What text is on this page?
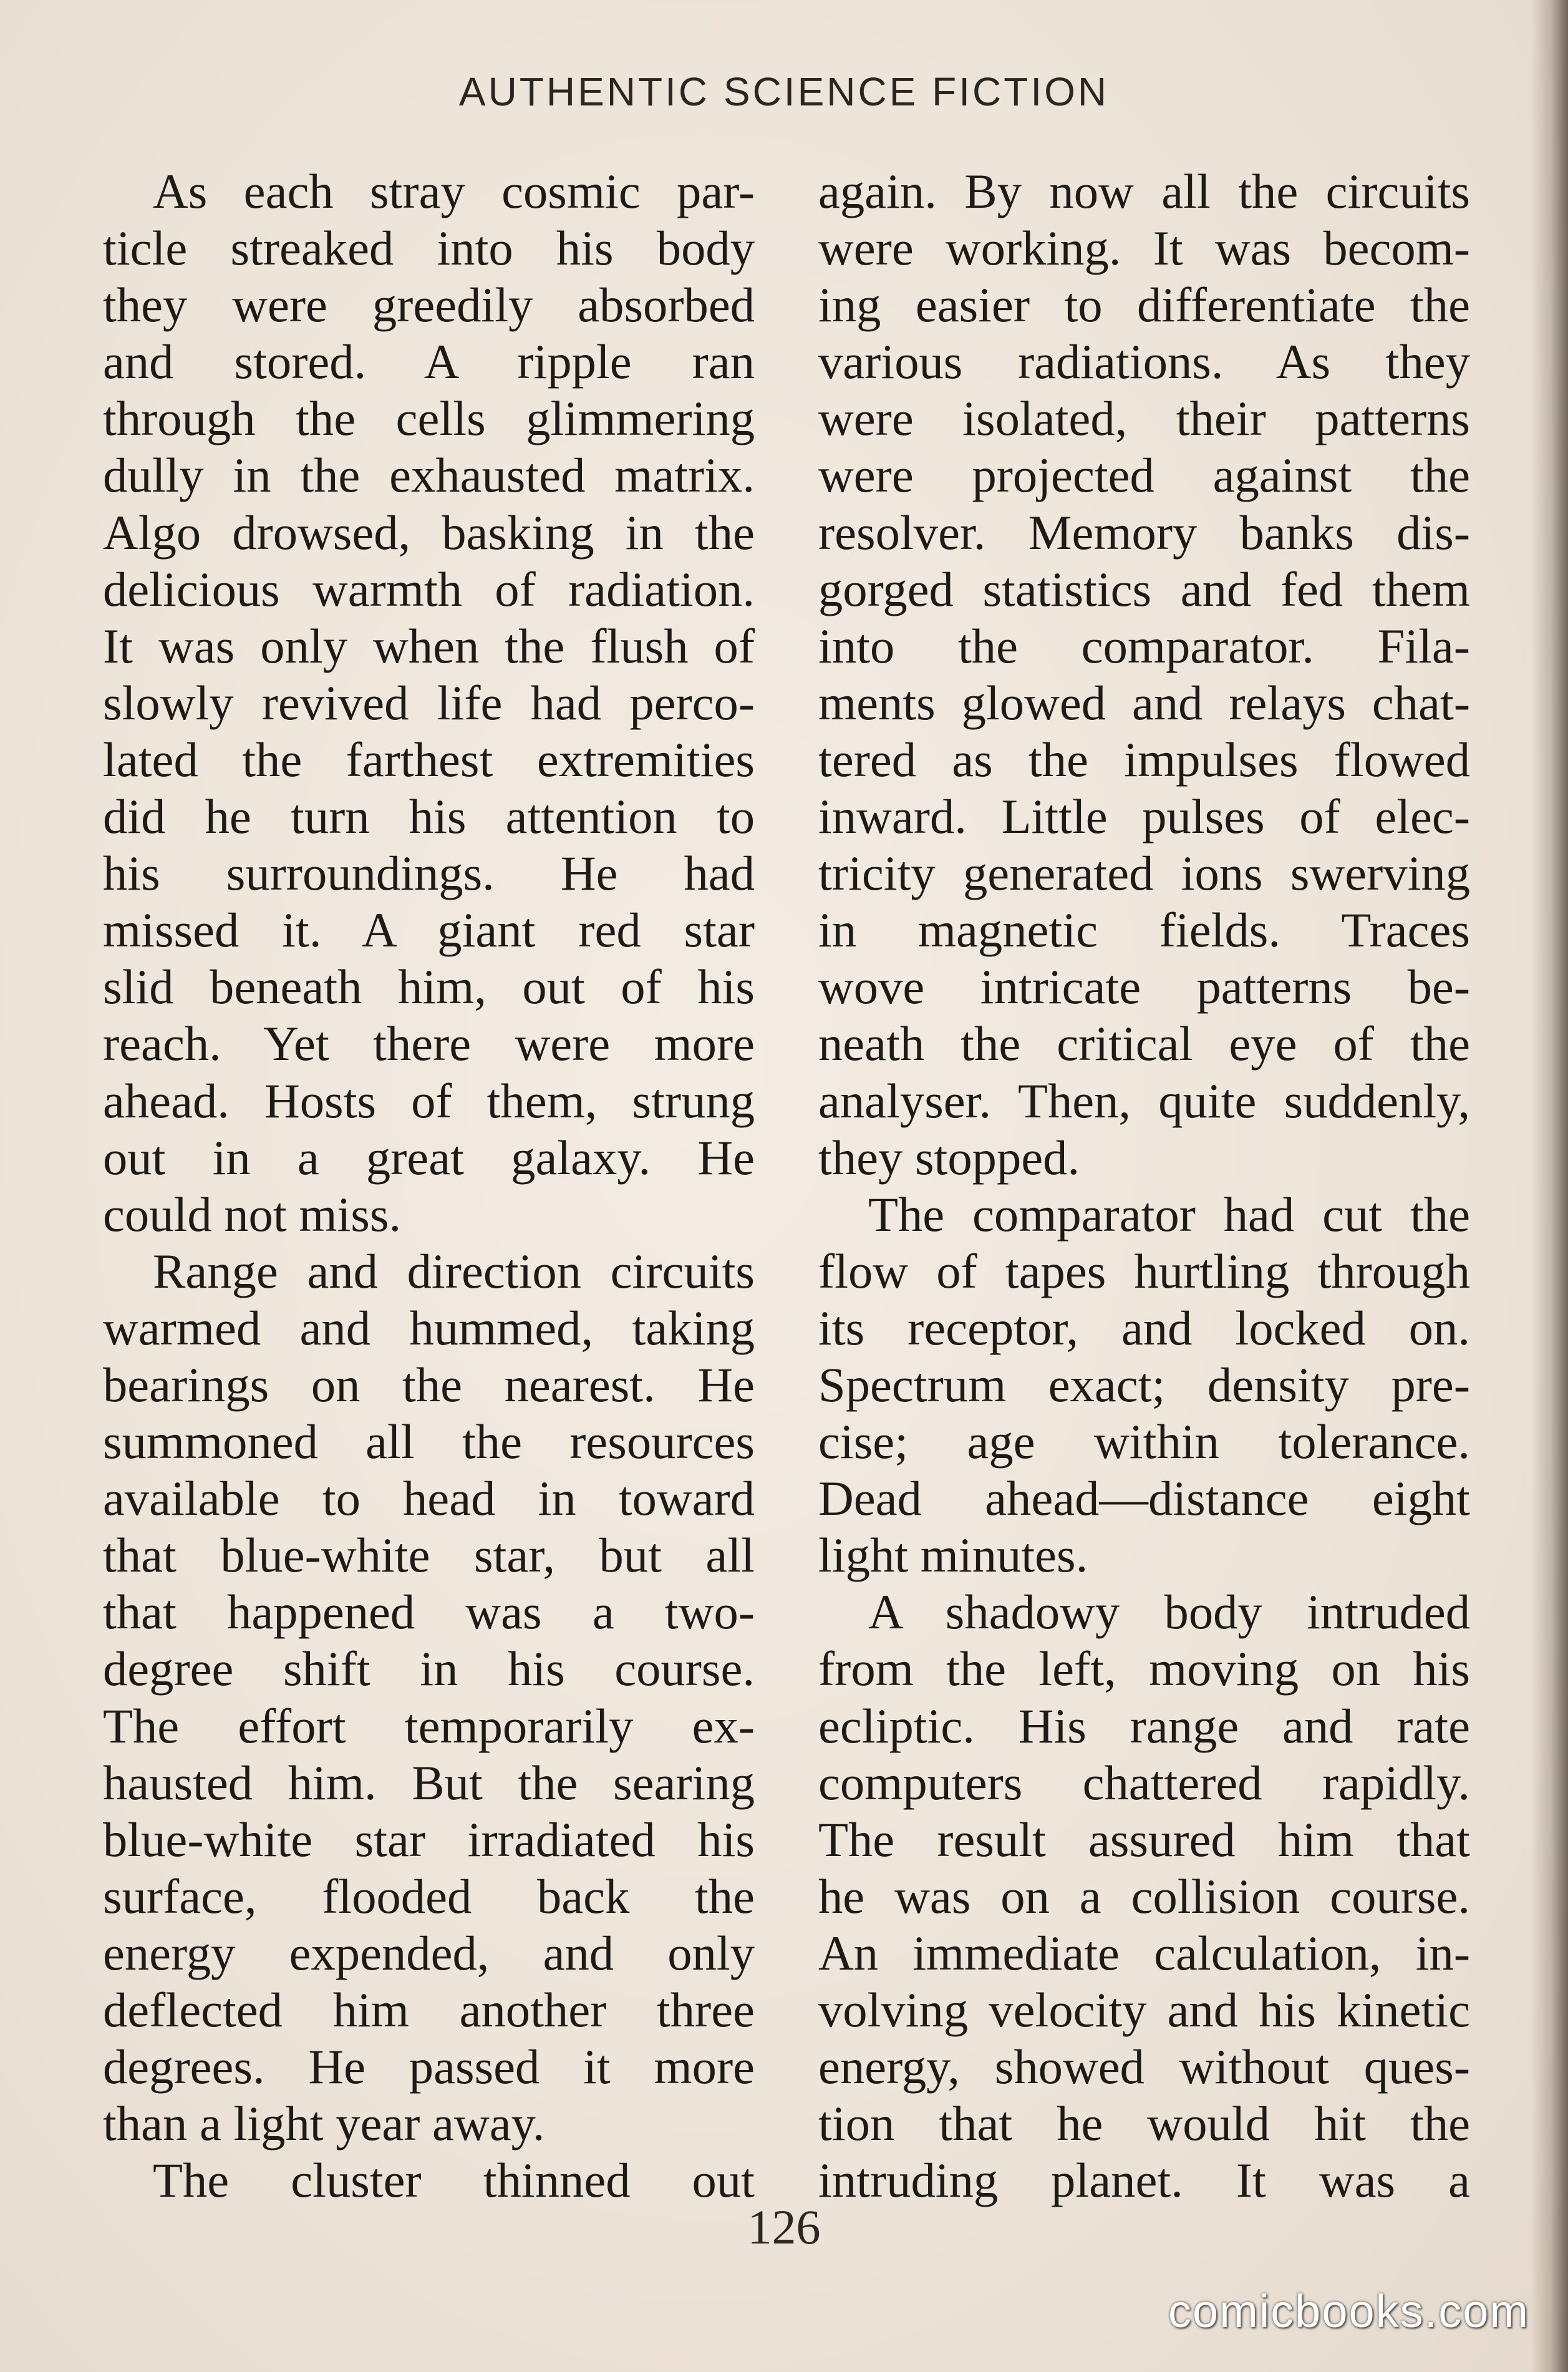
AUTHENTIC SCIENCE FICTION
As each stray cosmic par-
ticle streaked into his body
they were greedily absorbed
and stored. A ripple ran
through the cells glimmering
dully in the exhausted matrix.
Algo drowsed, basking in the
delicious warmth of radiation.
It was only when the flush of
slowly revived life had perco-
lated the farthest extremities
did he turn his attention to
his surroundings. He had
missed it. A giant red star
slid beneath him, out of his
reach. Yet there were more
ahead. Hosts of them, strung
out in a great galaxy. He
could not miss.
Range and direction circuits
warmed and hummed, taking
bearings on the nearest. He
summoned all the resources
available to head in toward
that blue-white star, but all
that happened was a two-
degree shift in his course.
The effort temporarily ex-
hausted him. But the searing
blue-white star irradiated his
surface, flooded back the
energy expended, and only
deflected him another three
degrees. He passed it more
than a light year away.
The cluster thinned out
again. By now all the circuits
were working. It was becom-
ing easier to differentiate the
various radiations. As they
were isolated, their patterns
were projected against the
resolver. Memory banks dis-
gorged statistics and fed them
into the comparator. Fila-
ments glowed and relays chat-
tered as the impulses flowed
inward. Little pulses of elec-
tricity generated ions swerving
in magnetic fields. Traces
wove intricate patterns be-
neath the critical eye of the
analyser. Then, quite suddenly,
they stopped.
The comparator had cut the
flow of tapes hurtling through
its receptor, and locked on.
Spectrum exact; density pre-
cise; age within tolerance.
Dead ahead—distance eight
light minutes.
A shadowy body intruded
from the left, moving on his
ecliptic. His range and rate
computers chattered rapidly.
The result assured him that
he was on a collision course.
An immediate calculation, in-
volving velocity and his kinetic
energy, showed without ques-
tion that he would hit the
intruding planet. It was a
126
comicbooks.com
